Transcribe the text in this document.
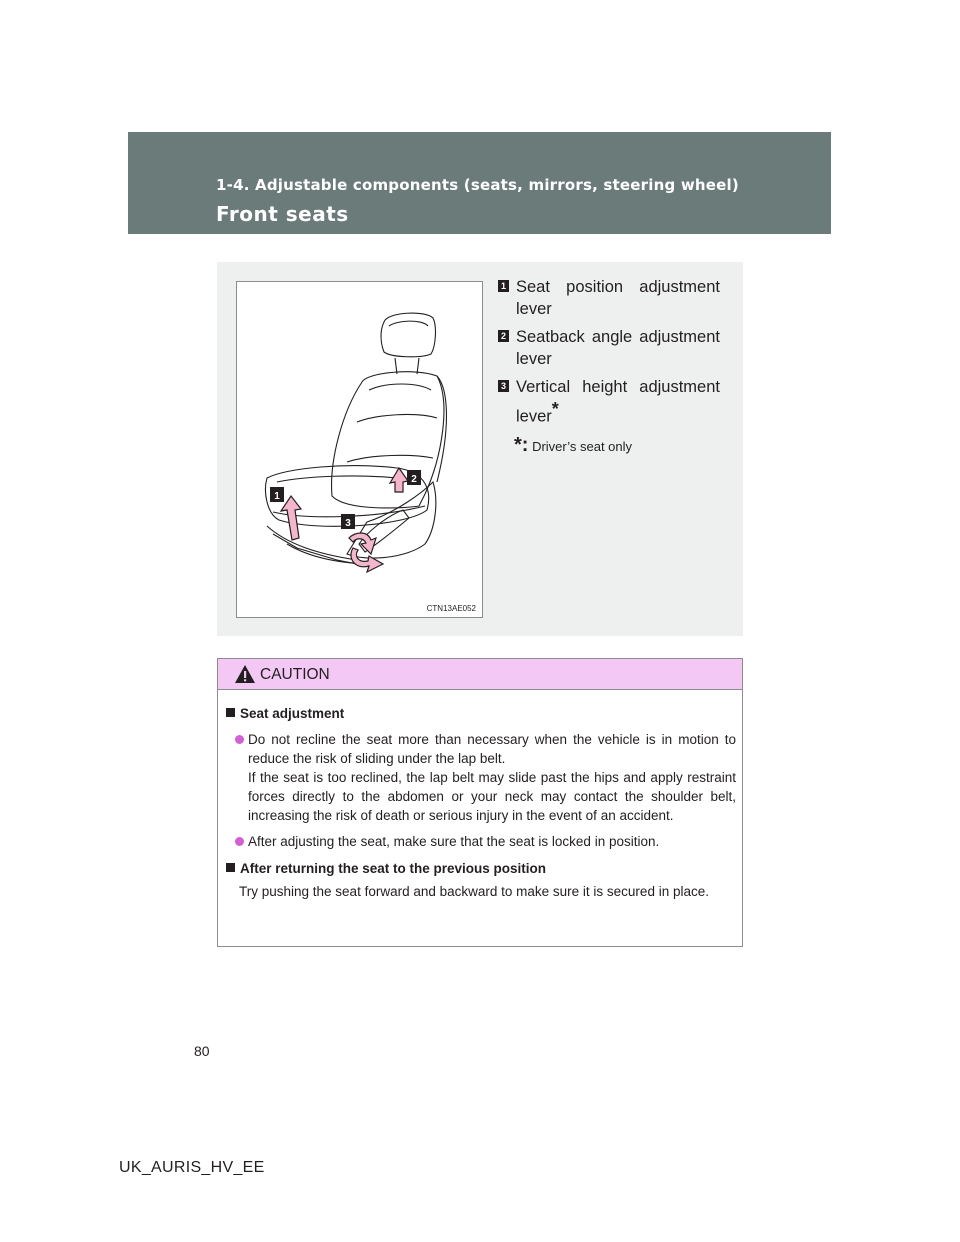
1-4. Adjustable components (seats, mirrors, steering wheel)
Front seats
1
2
3
CTN13AE052
1 Seat position adjustment
lever
2 Seatback angle adjustment
lever
3 Vertical height adjustment
lever*
*: Driver’s seat only
CAUTION
Seat adjustment
Do not recline the seat more than necessary when the vehicle is in motion to reduce the risk of sliding under the lap belt.
If the seat is too reclined, the lap belt may slide past the hips and apply restraint forces directly to the abdomen or your neck may contact the shoulder belt, increasing the risk of death or serious injury in the event of an accident.
After adjusting the seat, make sure that the seat is locked in position.
After returning the seat to the previous position
Try pushing the seat forward and backward to make sure it is secured in place.
80
UK_AURIS_HV_EE
